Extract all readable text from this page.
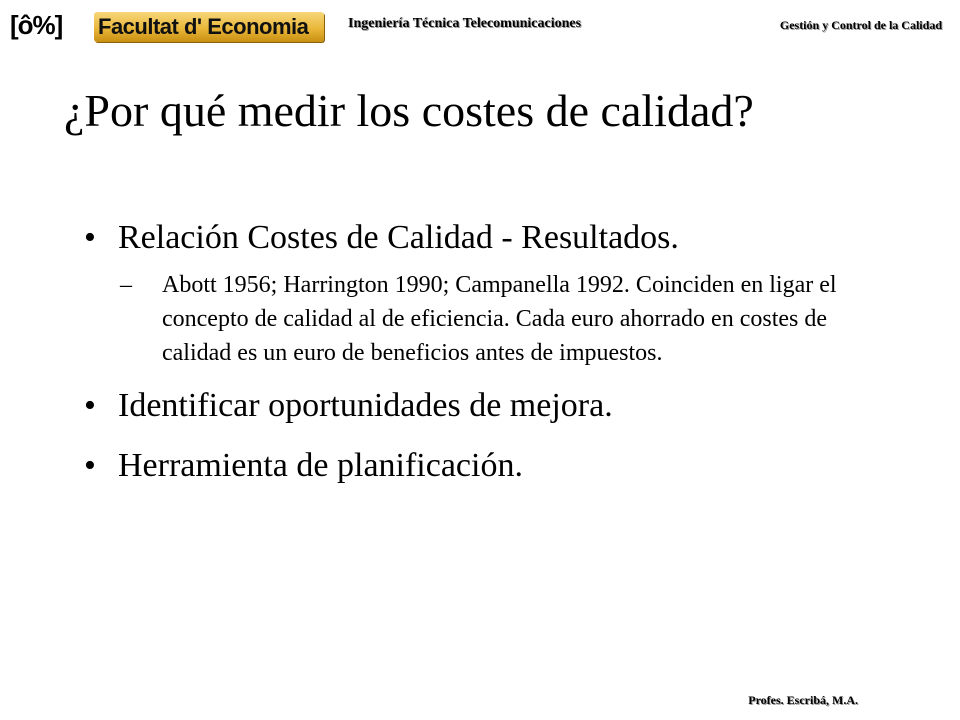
[ô%] Facultat d' Economia	Ingeniería Técnica Telecomunicaciones	Gestión y Control de la Calidad
¿Por qué medir los costes de calidad?
• Relación Costes de Calidad - Resultados.
– Abott 1956; Harrington 1990; Campanella 1992. Coinciden en ligar el concepto de calidad al de eficiencia. Cada euro ahorrado en costes de calidad es un euro de beneficios antes de impuestos.
• Identificar oportunidades de mejora.
• Herramienta de planificación.
Profes. Escribá, M.A.
